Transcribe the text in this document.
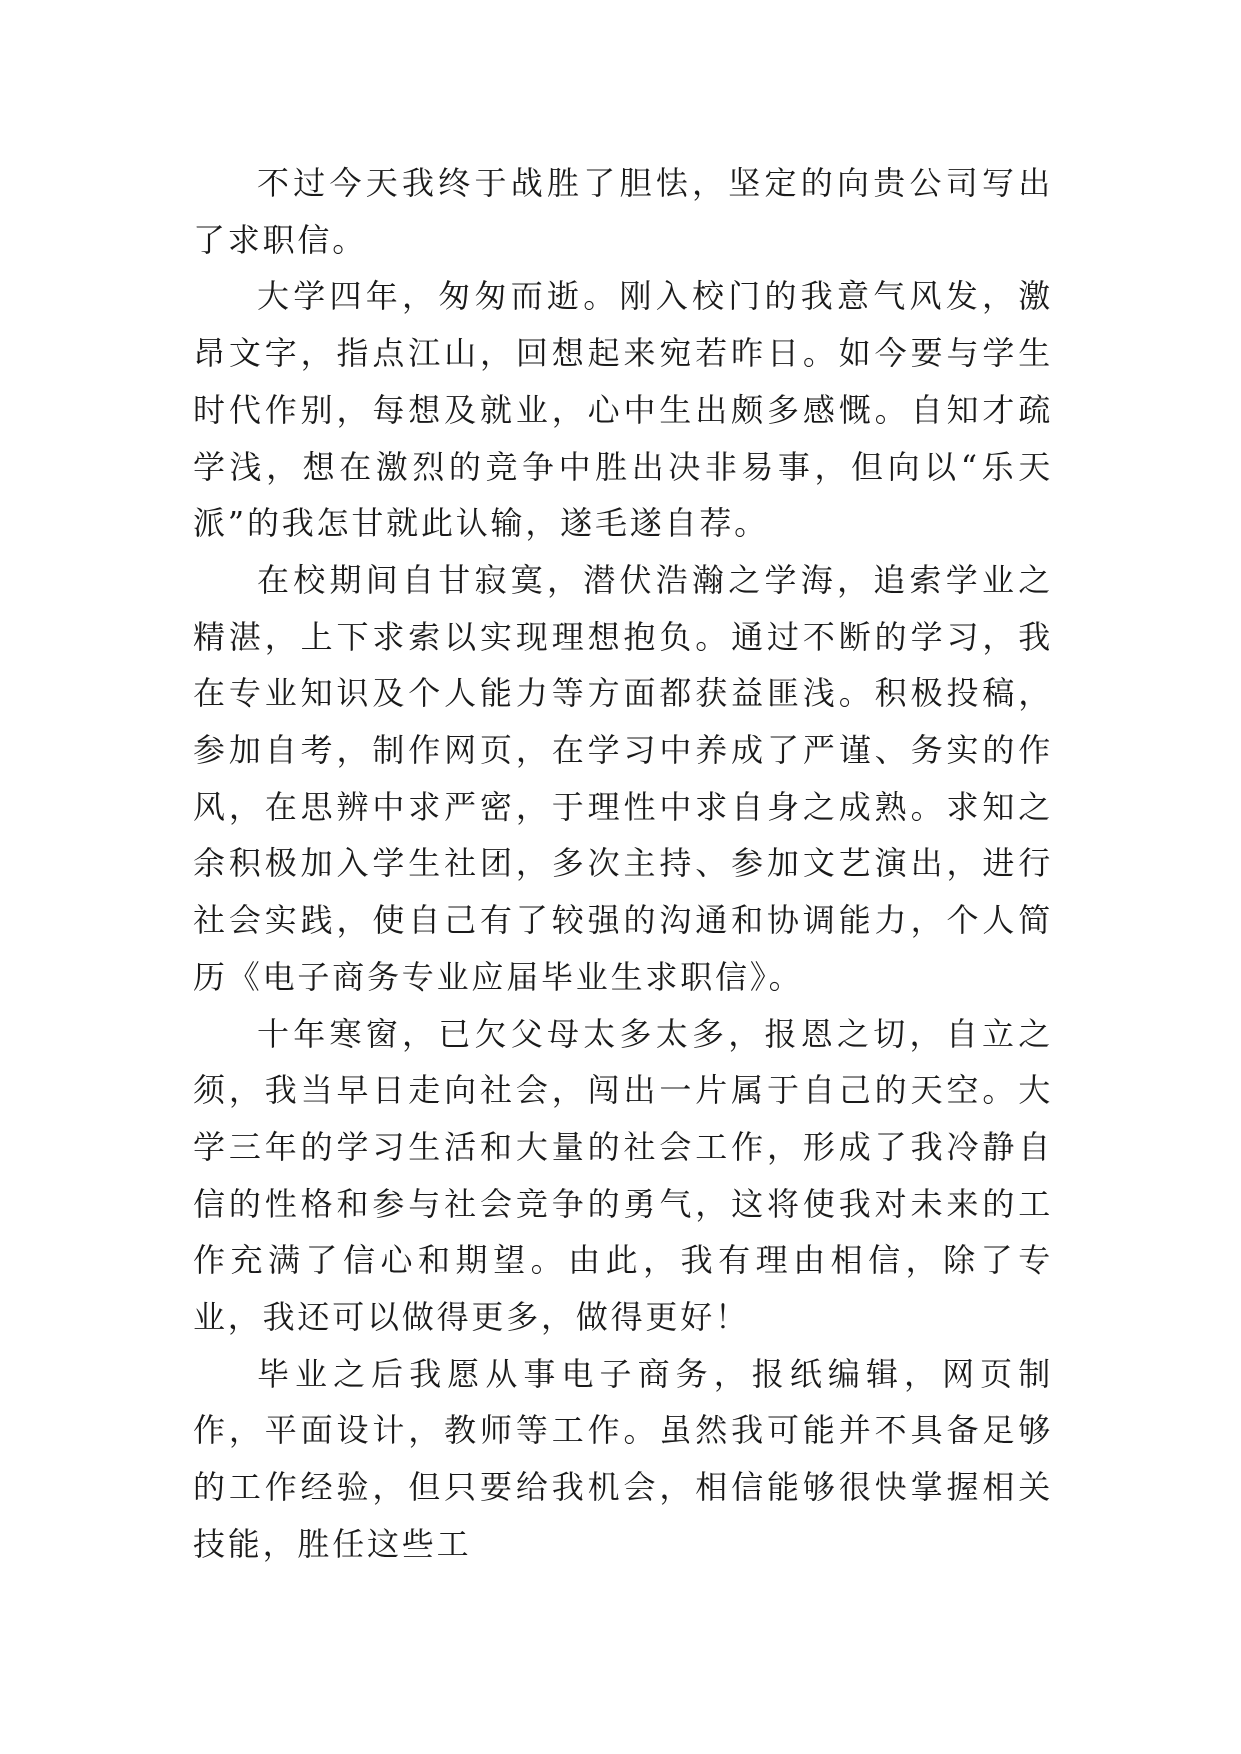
不过今天我终于战胜了胆怯，坚定的向贵公司写出了求职信。

大学四年，匆匆而逝。刚入校门的我意气风发，激昂文字，指点江山，回想起来宛若昨日。如今要与学生时代作别，每想及就业，心中生出颇多感慨。自知才疏学浅，想在激烈的竞争中胜出决非易事，但向以“乐天派”的我怎甘就此认输，遂毛遂自荐。

在校期间自甘寂寞，潜伏浩瀚之学海，追索学业之精湛，上下求索以实现理想抱负。通过不断的学习，我在专业知识及个人能力等方面都获益匪浅。积极投稿，参加自考，制作网页，在学习中养成了严谨、务实的作风，在思辨中求严密，于理性中求自身之成熟。求知之余积极加入学生社团，多次主持、参加文艺演出，进行社会实践，使自己有了较强的沟通和协调能力，个人简历《电子商务专业应届毕业生求职信》。

十年寒窗，已欠父母太多太多，报恩之切，自立之须，我当早日走向社会，闯出一片属于自己的天空。大学三年的学习生活和大量的社会工作，形成了我冷静自信的性格和参与社会竞争的勇气，这将使我对未来的工作充满了信心和期望。由此，我有理由相信，除了专业，我还可以做得更多，做得更好！

毕业之后我愿从事电子商务，报纸编辑，网页制作，平面设计，教师等工作。虽然我可能并不具备足够的工作经验，但只要给我机会，相信能够很快掌握相关技能，胜任这些工
